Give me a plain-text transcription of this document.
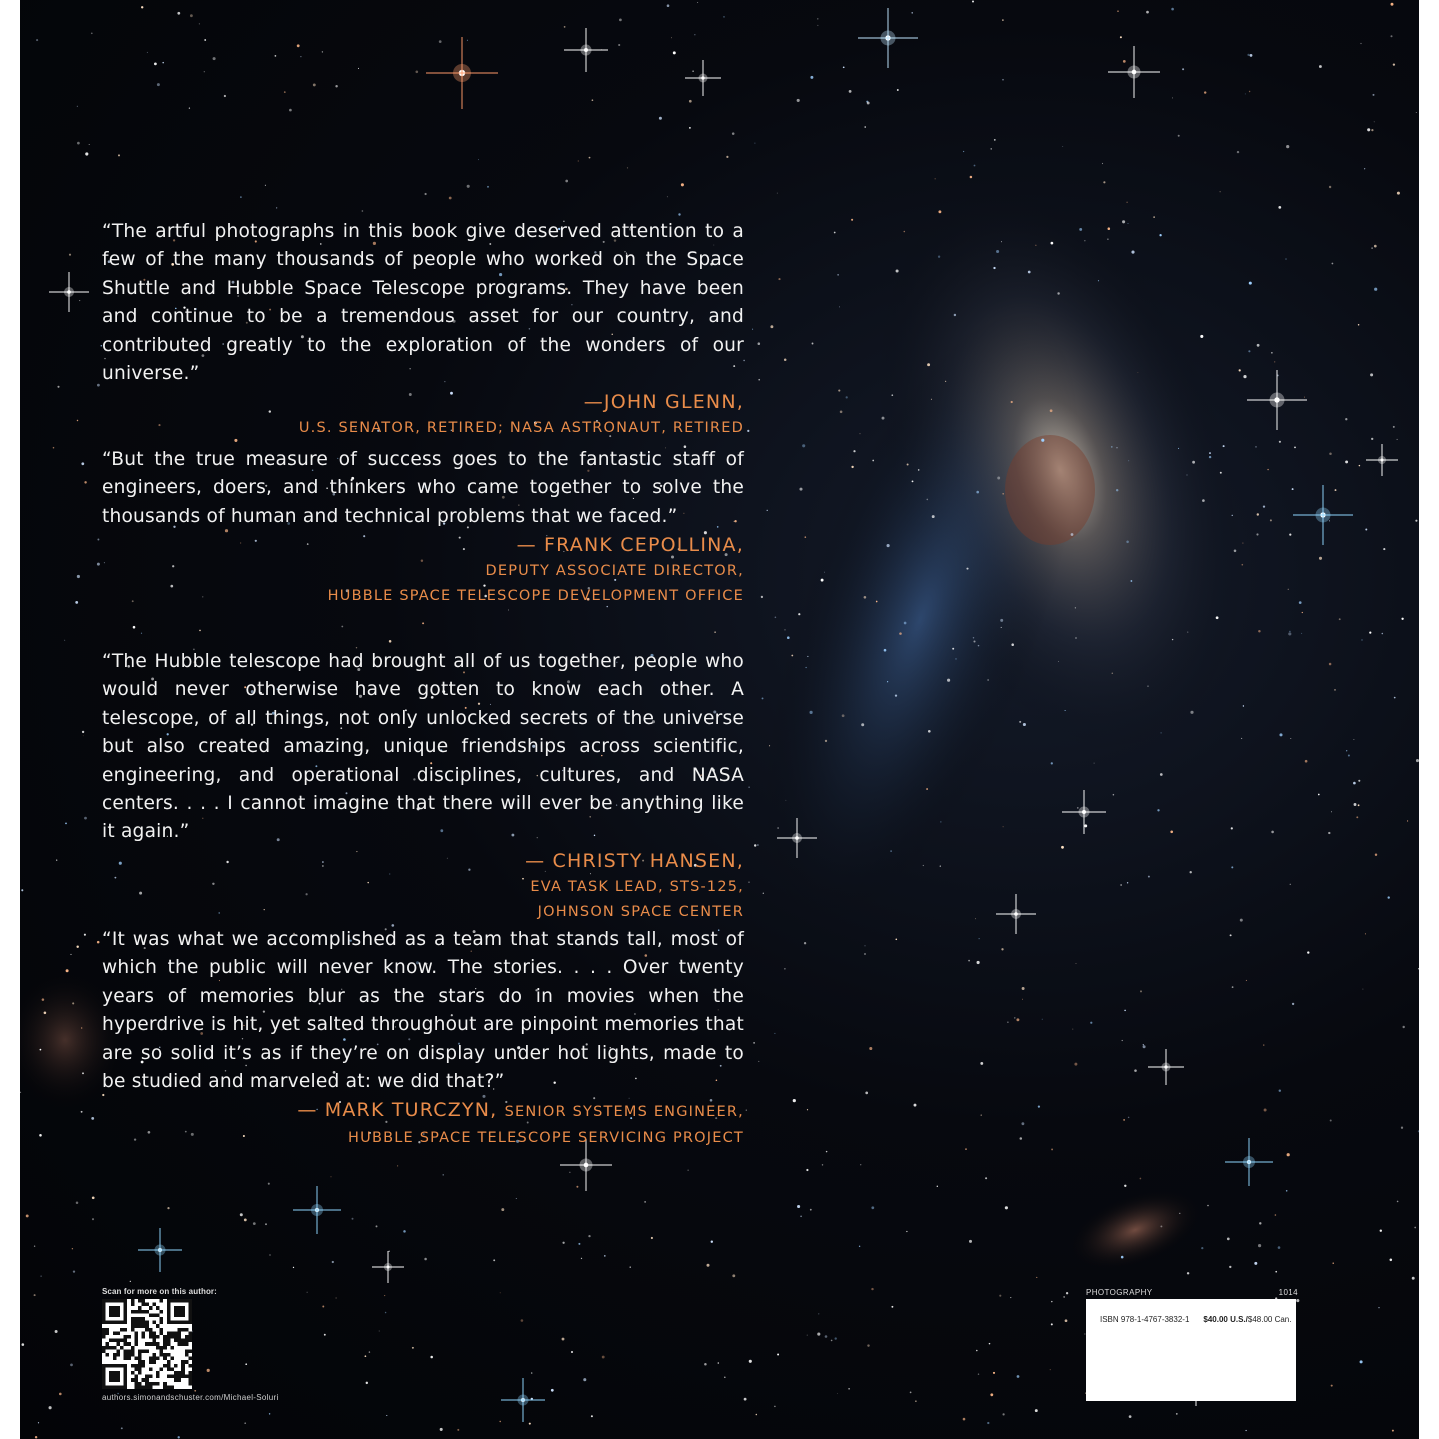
“The artful photographs in this book give deserved attention to a few of the many thousands of people who worked on the Space Shuttle and Hubble Space Telescope programs. They have been and continue to be a tremendous asset for our country, and contributed greatly to the exploration of the wonders of our universe.”

—JOHN GLENN,
U.S. SENATOR, RETIRED; NASA ASTRONAUT, RETIRED

“But the true measure of success goes to the fantastic staff of engineers, doers, and thinkers who came together to solve the thousands of human and technical problems that we faced.”

— FRANK CEPOLLINA,
DEPUTY ASSOCIATE DIRECTOR,
HUBBLE SPACE TELESCOPE DEVELOPMENT OFFICE

“The Hubble telescope had brought all of us together, people who would never otherwise have gotten to know each other. A telescope, of all things, not only unlocked secrets of the universe but also created amazing, unique friendships across scientific, engineering, and operational disciplines, cultures, and NASA centers. . . . I cannot imagine that there will ever be anything like it again.”

— CHRISTY HANSEN,
EVA TASK LEAD, STS-125,
JOHNSON SPACE CENTER

“It was what we accomplished as a team that stands tall, most of which the public will never know. The stories. . . . Over twenty years of memories blur as the stars do in movies when the hyperdrive is hit, yet salted throughout are pinpoint memories that are so solid it’s as if they’re on display under hot lights, made to be studied and marveled at: we did that?”

— MARK TURCZYN, SENIOR SYSTEMS ENGINEER,
HUBBLE SPACE TELESCOPE SERVICING PROJECT
Scan for more on this author:
authors.simonandschuster.com/Michael-Soluri
PHOTOGRAPHY	1014
ISBN 978-1-4767-3832-1 $40.00 U.S./$48.00 Can.
